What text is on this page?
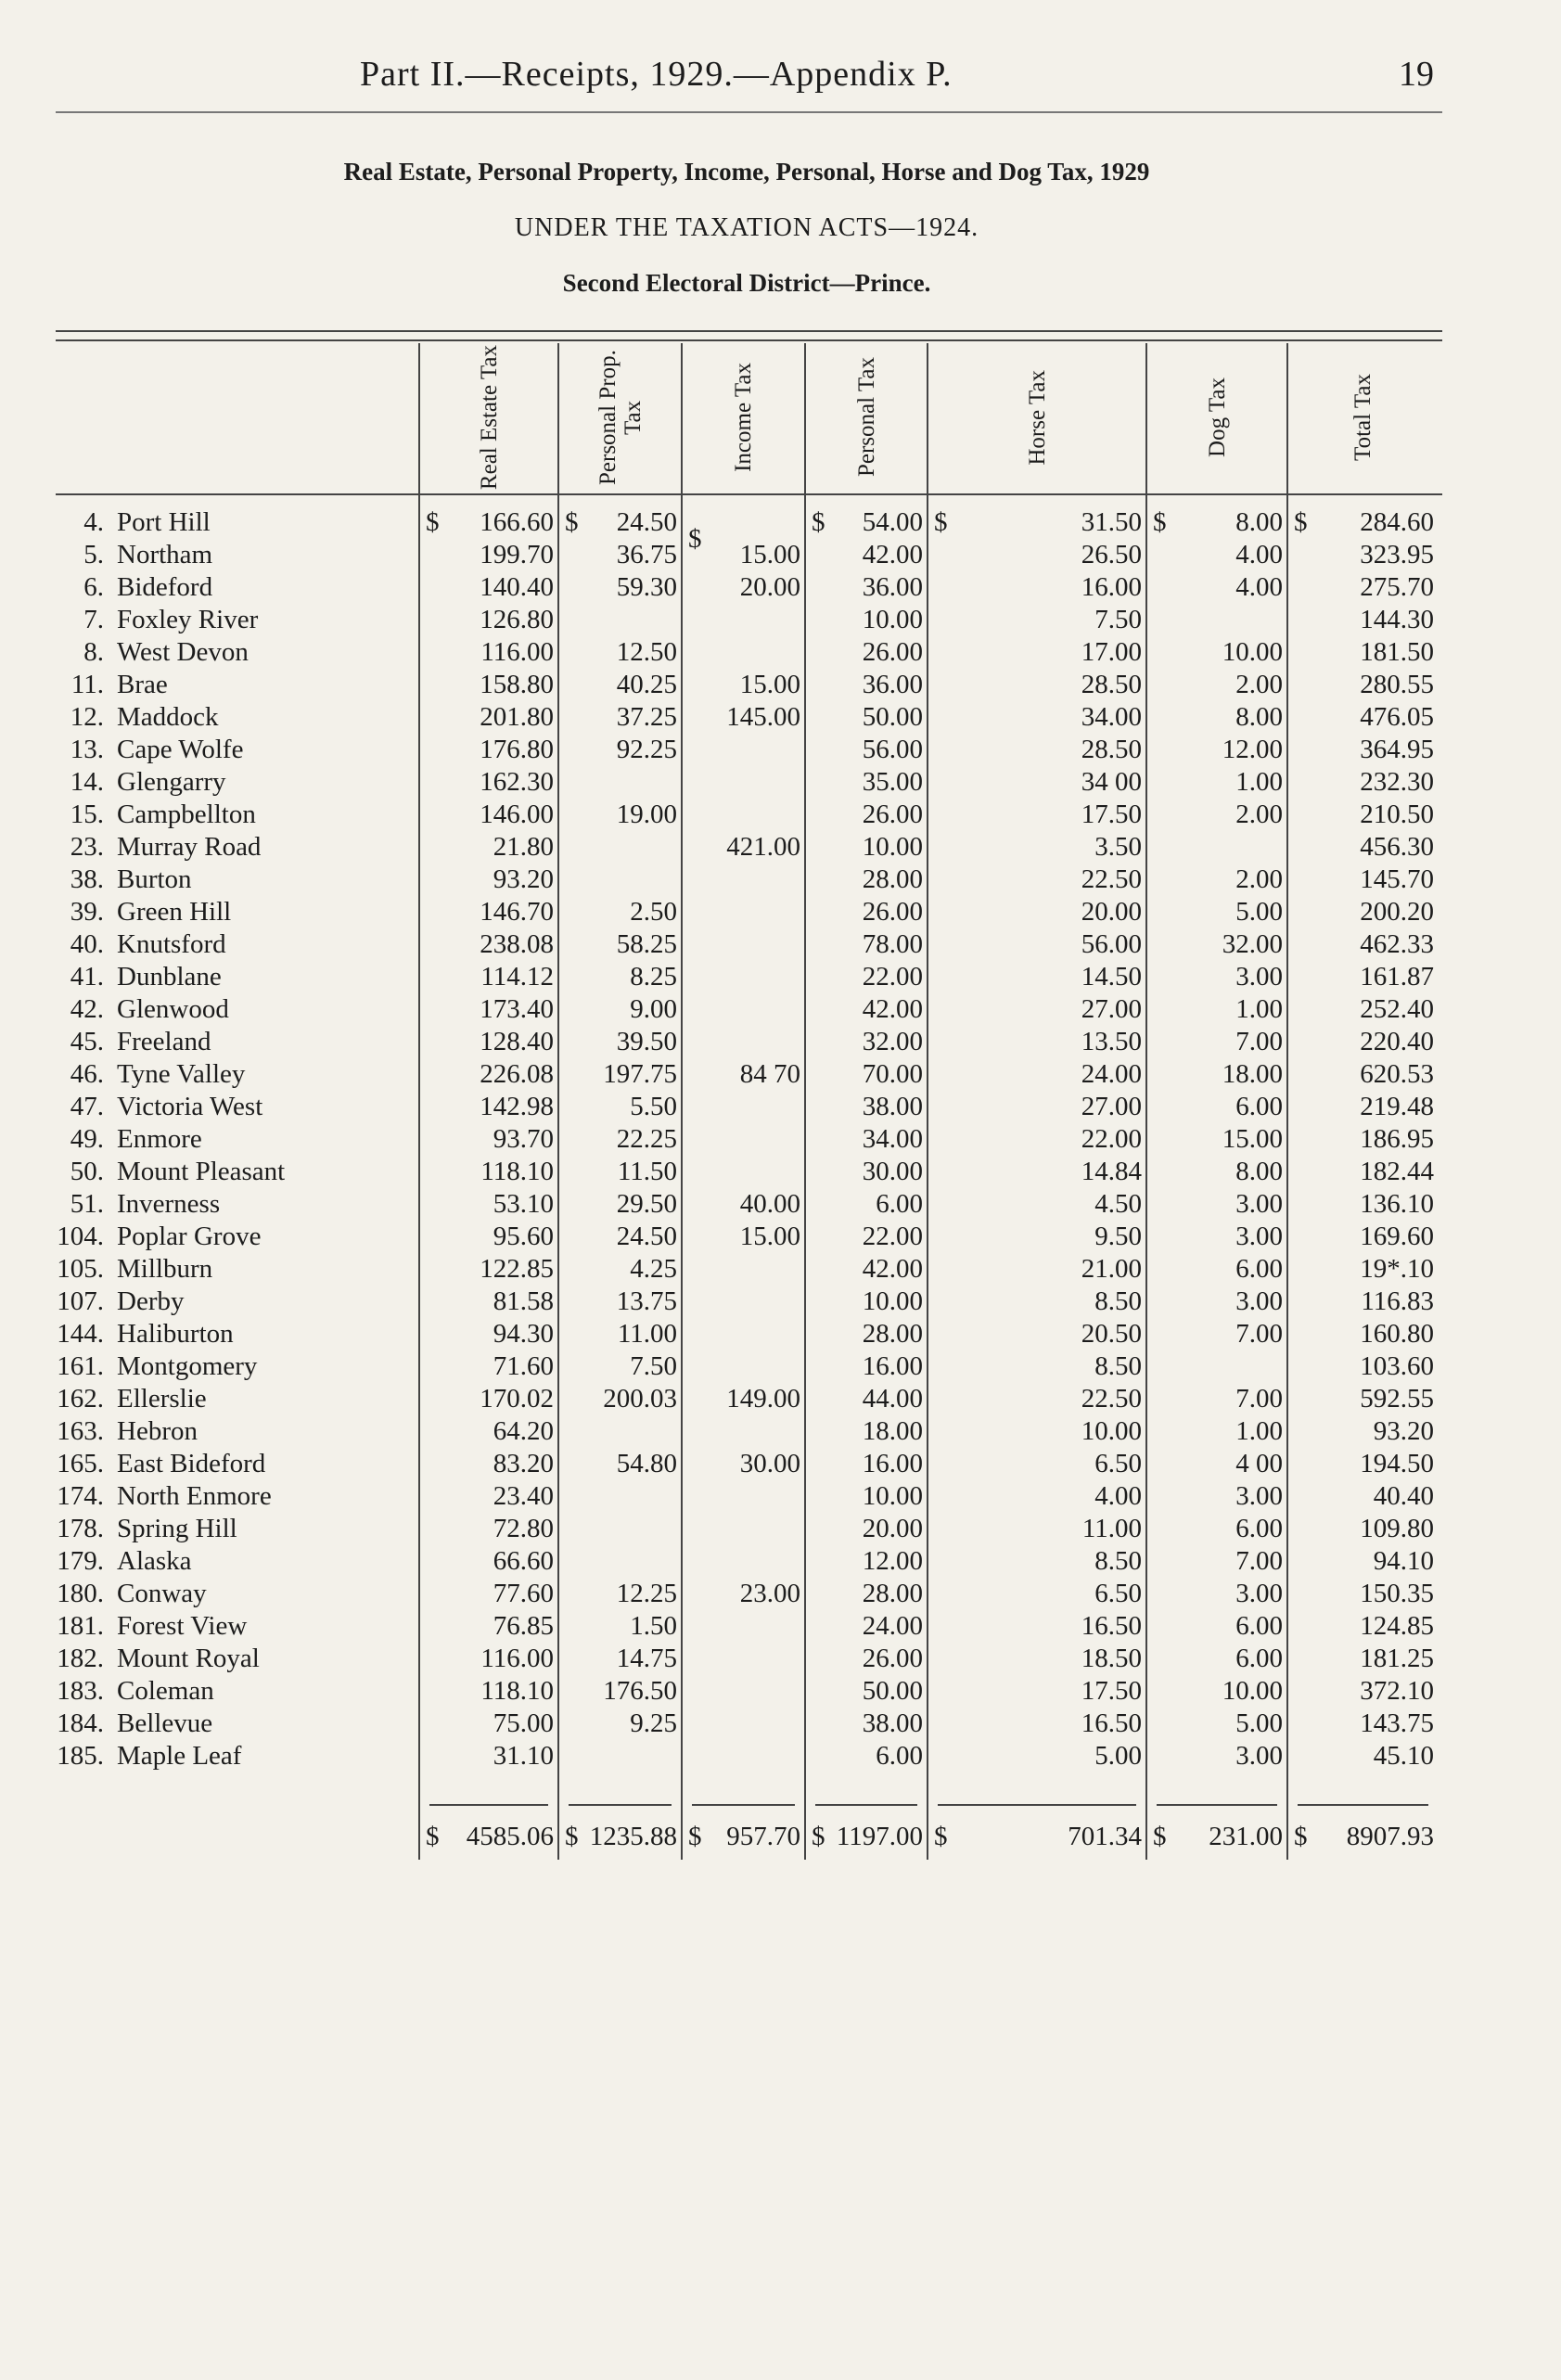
Part II.—Receipts, 1929.—Appendix P.	19
Real Estate, Personal Property, Income, Personal, Horse and Dog Tax, 1929
UNDER THE TAXATION ACTS—1924.
Second Electoral District—Prince.
	Real Estate Tax	Personal Prop. Tax	Income Tax	Personal Tax	Horse Tax	Dog Tax	Total Tax
4. Port Hill	$ 166.60	$ 24.50	$	$ 54.00	$ 31.50	$ 8.00	$ 284.60
5. Northam	199.70	36.75	15.00	42.00	26.50	4.00	323.95
6. Bideford	140.40	59.30	20.00	36.00	16.00	4.00	275.70
7. Foxley River	126.80			10.00	7.50		144.30
8. West Devon	116.00	12.50		26.00	17.00	10.00	181.50
11. Brae	158.80	40.25	15.00	36.00	28.50	2.00	280.55
12. Maddock	201.80	37.25	145.00	50.00	34.00	8.00	476.05
13. Cape Wolfe	176.80	92.25		56.00	28.50	12.00	364.95
14. Glengarry	162.30			35.00	34 00	1.00	232.30
15. Campbellton	146.00	19.00		26.00	17.50	2.00	210.50
23. Murray Road	21.80		421.00	10.00	3.50		456.30
38. Burton	93.20			28.00	22.50	2.00	145.70
39. Green Hill	146.70	2.50		26.00	20.00	5.00	200.20
40. Knutsford	238.08	58.25		78.00	56.00	32.00	462.33
41. Dunblane	114.12	8.25		22.00	14.50	3.00	161.87
42. Glenwood	173.40	9.00		42.00	27.00	1.00	252.40
45. Freeland	128.40	39.50		32.00	13.50	7.00	220.40
46. Tyne Valley	226.08	197.75	84 70	70.00	24.00	18.00	620.53
47. Victoria West	142.98	5.50		38.00	27.00	6.00	219.48
49. Enmore	93.70	22.25		34.00	22.00	15.00	186.95
50. Mount Pleasant	118.10	11.50		30.00	14.84	8.00	182.44
51. Inverness	53.10	29.50	40.00	6.00	4.50	3.00	136.10
104. Poplar Grove	95.60	24.50	15.00	22.00	9.50	3.00	169.60
105. Millburn	122.85	4.25		42.00	21.00	6.00	19*.10
107. Derby	81.58	13.75		10.00	8.50	3.00	116.83
144. Haliburton	94.30	11.00		28.00	20.50	7.00	160.80
161. Montgomery	71.60	7.50		16.00	8.50		103.60
162. Ellerslie	170.02	200.03	149.00	44.00	22.50	7.00	592.55
163. Hebron	64.20			18.00	10.00	1.00	93.20
165. East Bideford	83.20	54.80	30.00	16.00	6.50	4 00	194.50
174. North Enmore	23.40			10.00	4.00	3.00	40.40
178. Spring Hill	72.80			20.00	11.00	6.00	109.80
179. Alaska	66.60			12.00	8.50	7.00	94.10
180. Conway	77.60	12.25	23.00	28.00	6.50	3.00	150.35
181. Forest View	76.85	1.50		24.00	16.50	6.00	124.85
182. Mount Royal	116.00	14.75		26.00	18.50	6.00	181.25
183. Coleman	118.10	176.50		50.00	17.50	10.00	372.10
184. Bellevue	75.00	9.25		38.00	16.50	5.00	143.75
185. Maple Leaf	31.10			6.00	5.00	3.00	45.10

	$ 4585.06	$ 1235.88	$ 957.70	$ 1197.00	$ 701.34	$ 231.00	$ 8907.93
